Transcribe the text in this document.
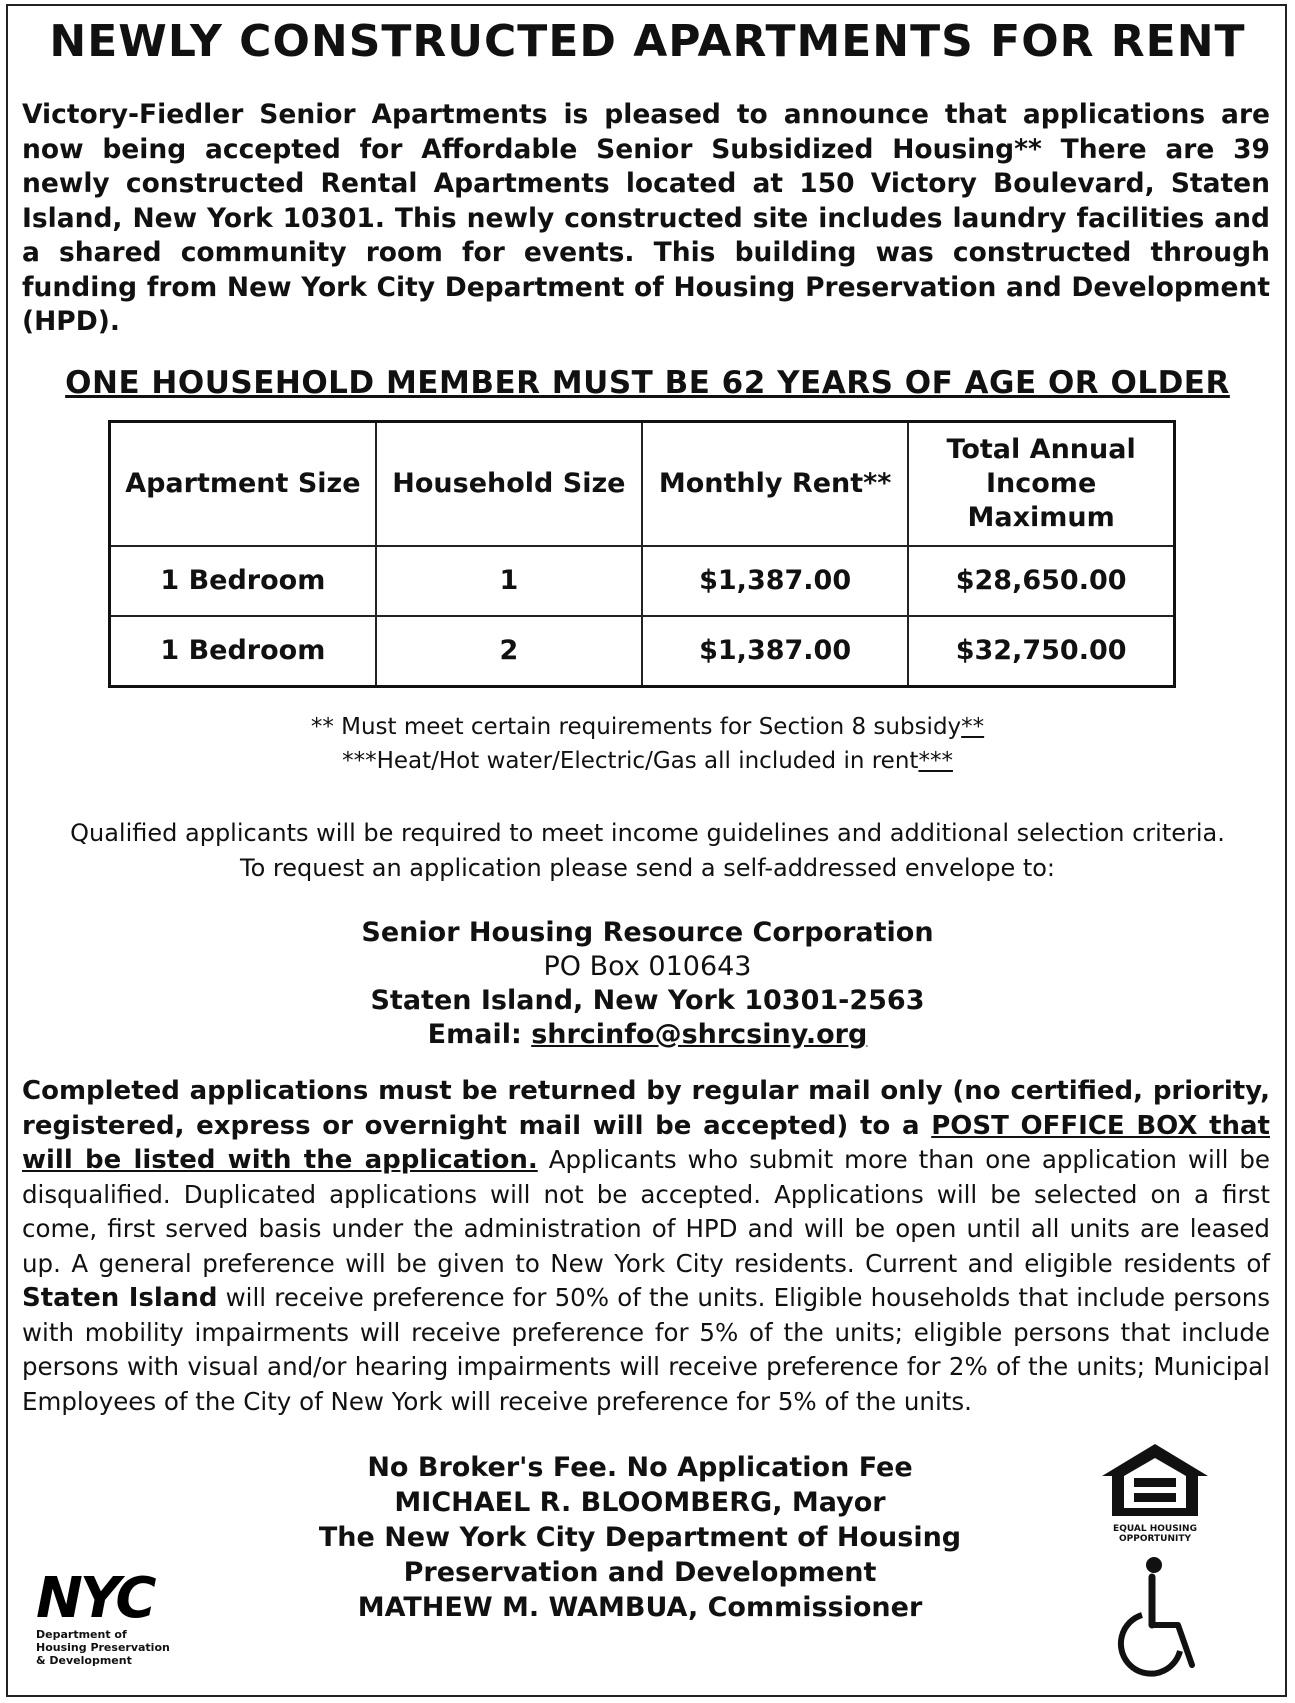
NEWLY CONSTRUCTED APARTMENTS FOR RENT
Victory-Fiedler Senior Apartments is pleased to announce that applications are now being accepted for Affordable Senior Subsidized Housing** There are 39 newly constructed Rental Apartments located at 150 Victory Boulevard, Staten Island, New York 10301. This newly constructed site includes laundry facilities and a shared community room for events. This building was constructed through funding from New York City Department of Housing Preservation and Development (HPD).
ONE HOUSEHOLD MEMBER MUST BE 62 YEARS OF AGE OR OLDER
Apartment Size	Household Size	Monthly Rent**	Total Annual Income Maximum
1 Bedroom	1	$1,387.00	$28,650.00
1 Bedroom	2	$1,387.00	$32,750.00
** Must meet certain requirements for Section 8 subsidy**
***Heat/Hot water/Electric/Gas all included in rent***
Qualified applicants will be required to meet income guidelines and additional selection criteria.
To request an application please send a self-addressed envelope to:
Senior Housing Resource Corporation
PO Box 010643
Staten Island, New York 10301-2563
Email: shrcinfo@shrcsiny.org
Completed applications must be returned by regular mail only (no certified, priority, registered, express or overnight mail will be accepted) to a POST OFFICE BOX that will be listed with the application. Applicants who submit more than one application will be disqualified. Duplicated applications will not be accepted. Applications will be selected on a first come, first served basis under the administration of HPD and will be open until all units are leased up. A general preference will be given to New York City residents. Current and eligible residents of Staten Island will receive preference for 50% of the units. Eligible households that include persons with mobility impairments will receive preference for 5% of the units; eligible persons that include persons with visual and/or hearing impairments will receive preference for 2% of the units; Municipal Employees of the City of New York will receive preference for 5% of the units.
No Broker's Fee. No Application Fee
MICHAEL R. BLOOMBERG, Mayor
The New York City Department of Housing
Preservation and Development
MATHEW M. WAMBUA, Commissioner
NYC
Department of
Housing Preservation
& Development
EQUAL HOUSING
OPPORTUNITY
